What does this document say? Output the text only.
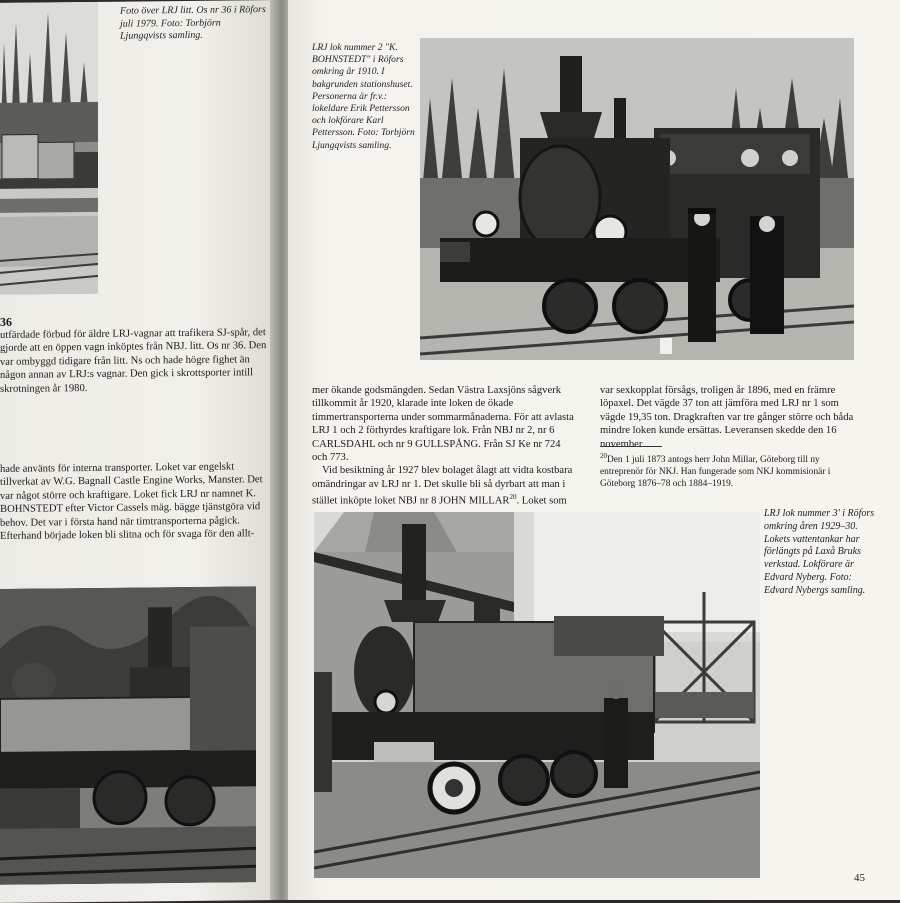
Foto över LRJ litt. Os nr 36 i Röfors juli 1979. Foto: Torbjörn Ljungqvists samling.
36
utfärdade förbud för äldre LRJ-vagnar att trafikera SJ-spår, det gjorde att en öppen vagn inköptes från NBJ. litt. Os nr 36. Den var ombyggd tidigare från litt. Ns och hade högre fighet än någon annan av LRJ:s vagnar. Den gick i skrottsporter intill skrotningen år 1980.
hade använts för interna transporter. Loket var engelskt tillverkat av W.G. Bagnall Castle Engine Works, Manster. Det var något större och kraftigare. Loket fick LRJ nr namnet K. BOHNSTEDT efter Victor Cassels mäg. bägge tjänstgöra vid behov. Det var i första hand när timtransporterna pågick. Efterhand började loken bli slitna och för svaga för den allt-
LRJ lok nummer 2 "K. BOHNSTEDT" i Röfors omkring år 1910. I bakgrunden stationshuset. Personerna är fr.v.: lokeldare Erik Pettersson och lokförare Karl Pettersson. Foto: Torbjörn Ljungqvists samling.

mer ökande godsmängden. Sedan Västra Laxsjöns sågverk tillkommit år 1920, klarade inte loken de ökade timmertransporterna under sommarmånaderna. För att avlasta LRJ 1 och 2 förhyrdes kraftigare lok. Från NBJ nr 2, nr 6 CARLSDAHL och nr 9 GULLSPÅNG. Från SJ Ke nr 724 och 773.

Vid besiktning år 1927 blev bolaget ålagt att vidta kostbara omändringar av LRJ nr 1. Det skulle bli så dyrbart att man i stället inköpte loket NBJ nr 8 JOHN MILLAR$^{20}$. Loket som

var sexkopplat försågs, troligen år 1896, med en främre löpaxel. Det vägde 37 ton att jämföra med LRJ nr 1 som vägde 19,35 ton. Dragkraften var tre gånger större och båda mindre loken kunde ersättas. Leveransen skedde den 16 november

$^{20}$Den 1 juli 1873 antogs herr John Millar, Göteborg till ny entreprenör för NKJ. Han fungerade som NKJ kommisionär i Göteborg 1876–78 och 1884–1919.
LRJ lok nummer 3' i Röfors omkring åren 1929–30. Lokets vattentankar har förlängts på Laxå Bruks verkstad. Lokförare är Edvard Nyberg. Foto: Edvard Nybergs samling.
45
